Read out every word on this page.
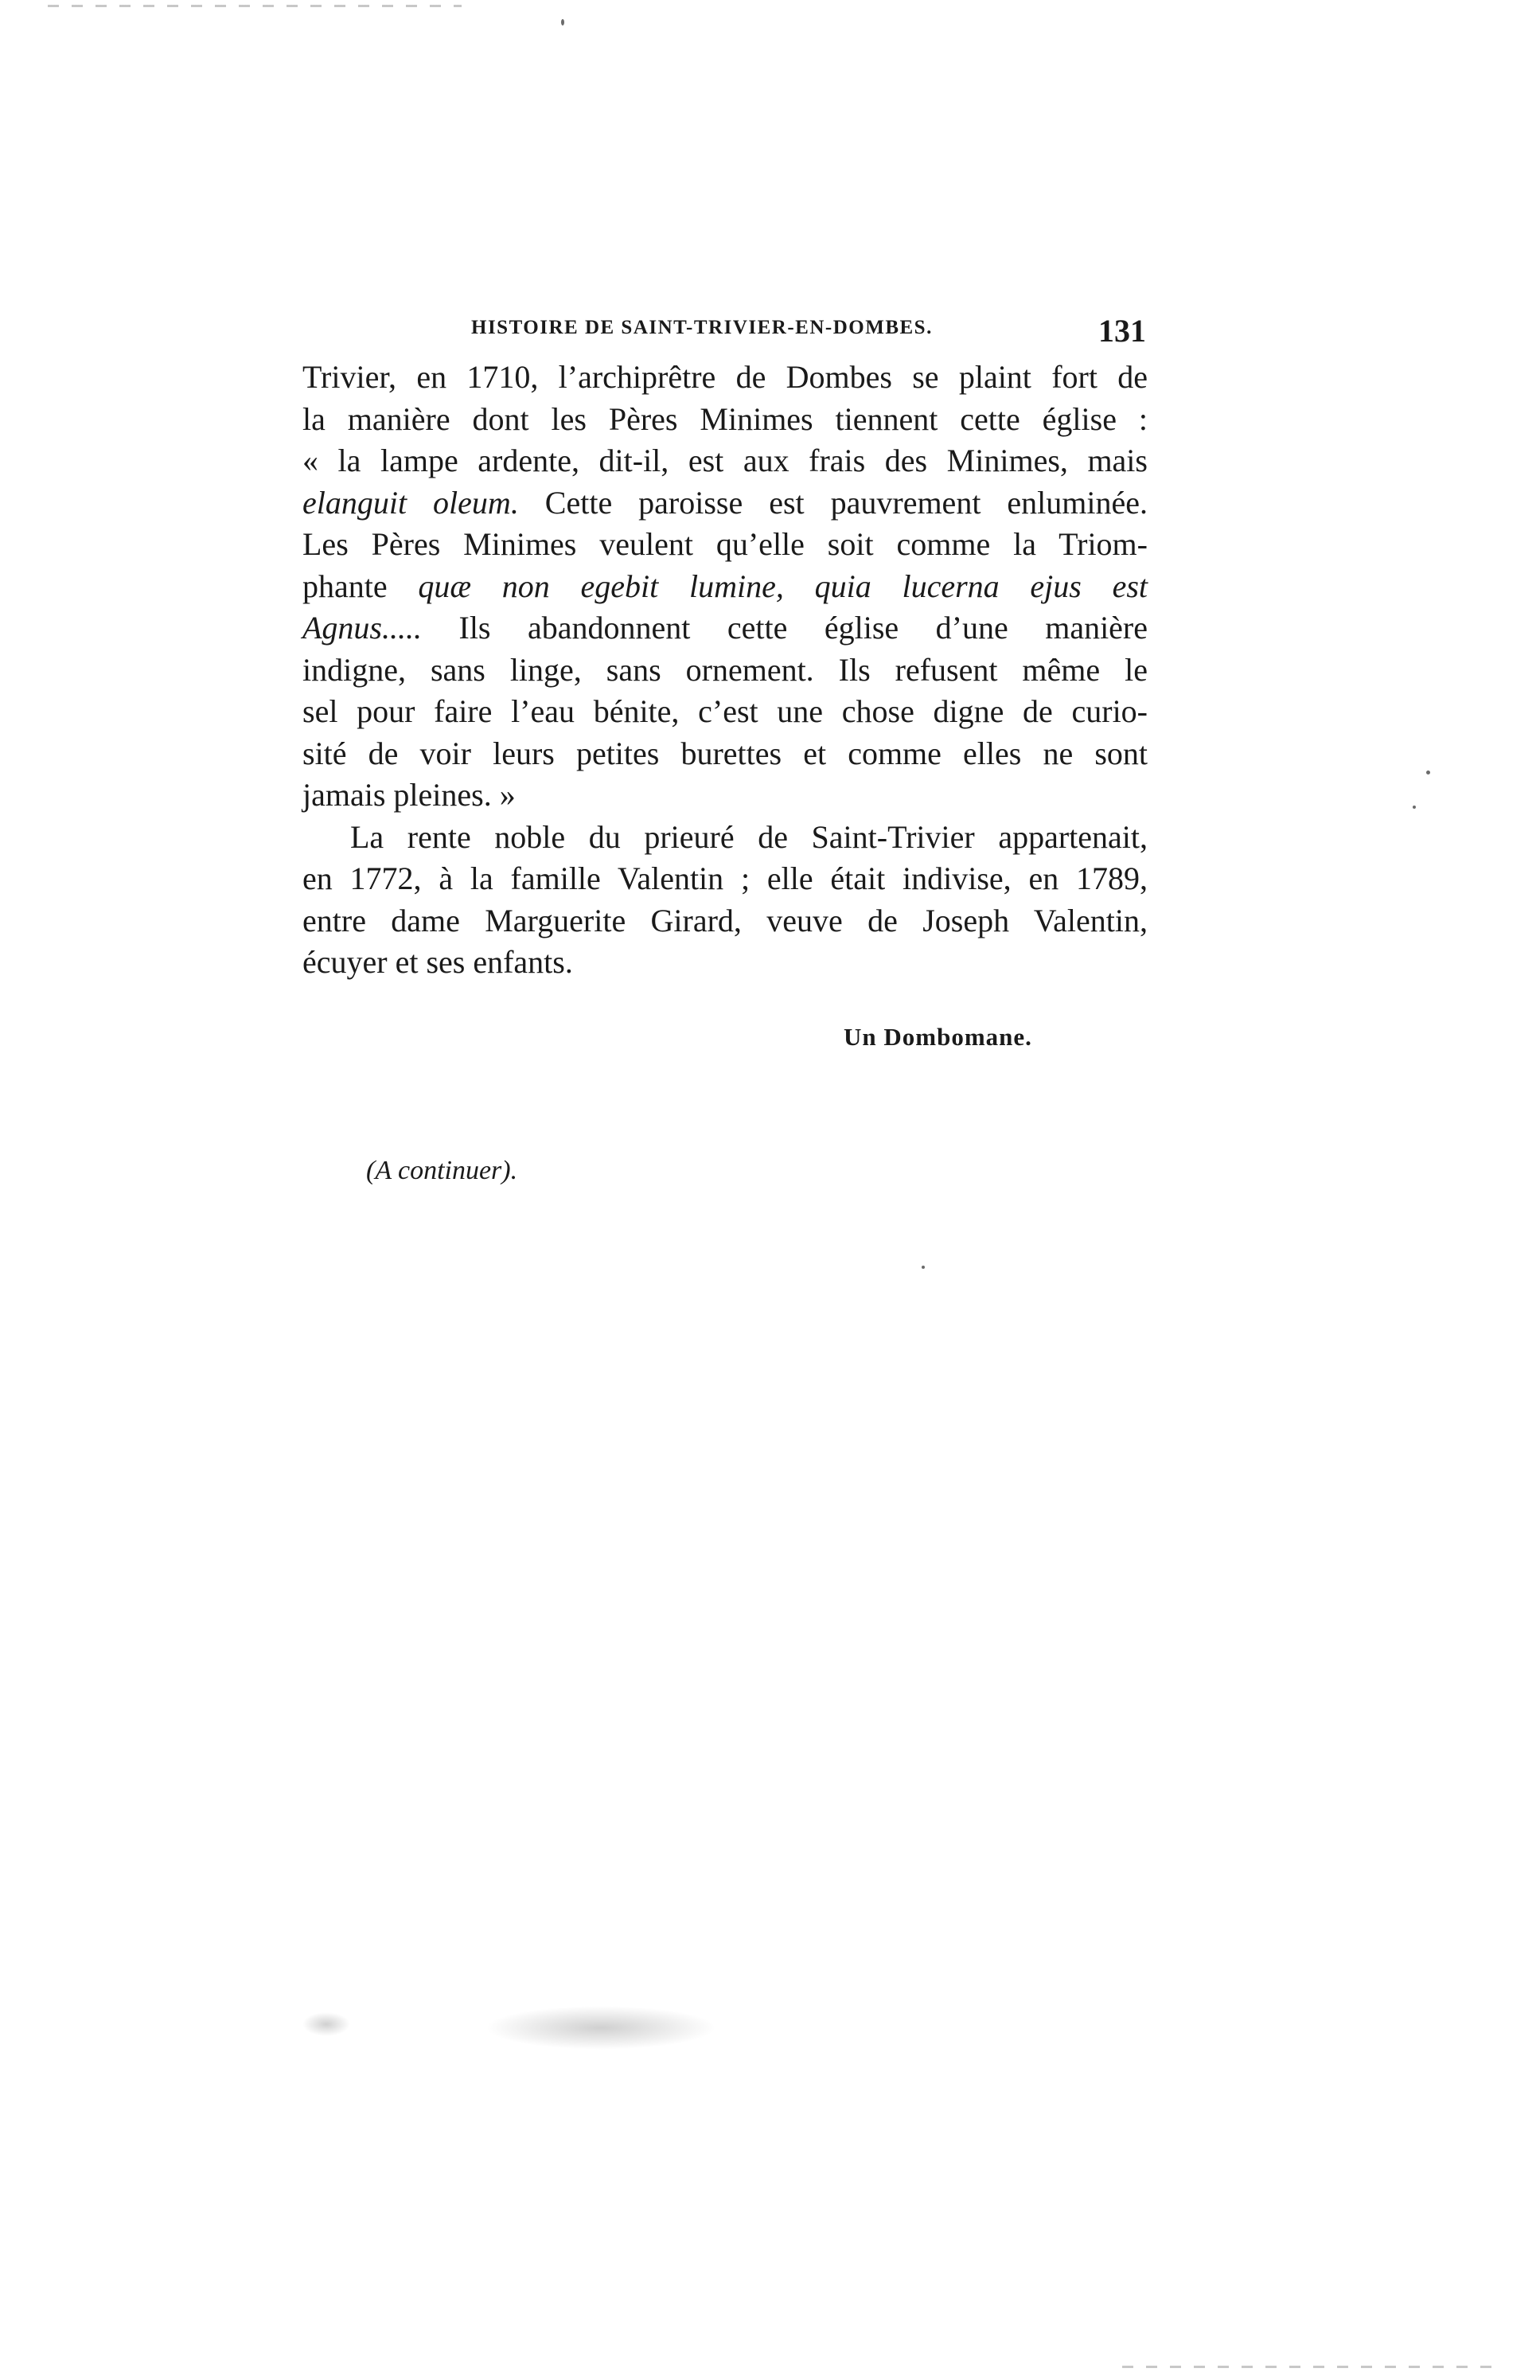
HISTOIRE DE SAINT-TRIVIER-EN-DOMBES.	131
Trivier, en 1710, l’archiprêtre de Dombes se plaint fort de
la manière dont les Pères Minimes tiennent cette église :
« la lampe ardente, dit-il, est aux frais des Minimes, mais
elanguit oleum. Cette paroisse est pauvrement enluminée.
Les Pères Minimes veulent qu’elle soit comme la Triom-
phante quæ non egebit lumine, quia lucerna ejus est
Agnus..... Ils abandonnent cette église d’une manière
indigne, sans linge, sans ornement. Ils refusent même le
sel pour faire l’eau bénite, c’est une chose digne de curio-
sité de voir leurs petites burettes et comme elles ne sont
jamais pleines. »
La rente noble du prieuré de Saint-Trivier appartenait,
en 1772, à la famille Valentin ; elle était indivise, en 1789,
entre dame Marguerite Girard, veuve de Joseph Valentin,
écuyer et ses enfants.
Un Dombomane.
(A continuer).
